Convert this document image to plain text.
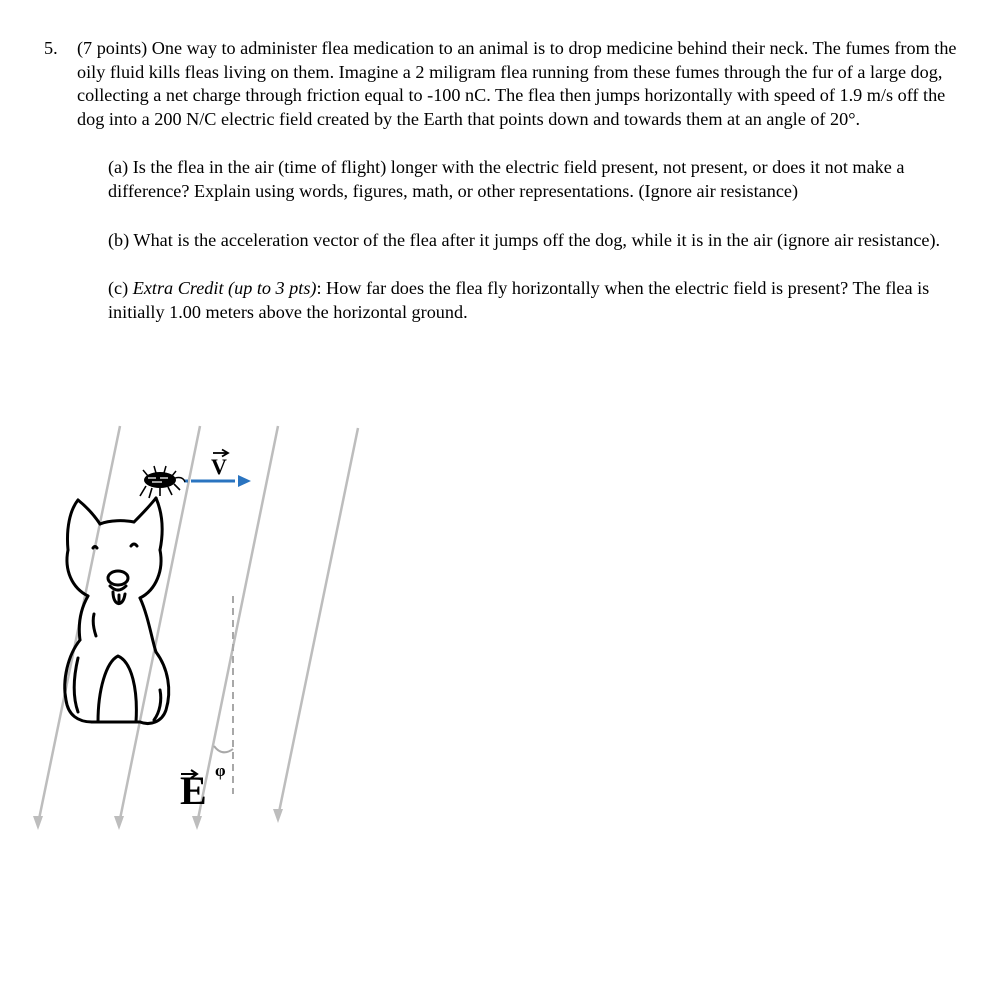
5. (7 points) One way to administer flea medication to an animal is to drop medicine behind their neck. The fumes from the oily fluid kills fleas living on them. Imagine a 2 miligram flea running from these fumes through the fur of a large dog, collecting a net charge through friction equal to -100 nC. The flea then jumps horizontally with speed of 1.9 m/s off the dog into a 200 N/C electric field created by the Earth that points down and towards them at an angle of 20°.
(a) Is the flea in the air (time of flight) longer with the electric field present, not present, or does it not make a difference? Explain using words, figures, math, or other representations. (Ignore air resistance)
(b) What is the acceleration vector of the flea after it jumps off the dog, while it is in the air (ignore air resistance).
(c) Extra Credit (up to 3 pts): How far does the flea fly horizontally when the electric field is present? The flea is initially 1.00 meters above the horizontal ground.
φ
E
V
